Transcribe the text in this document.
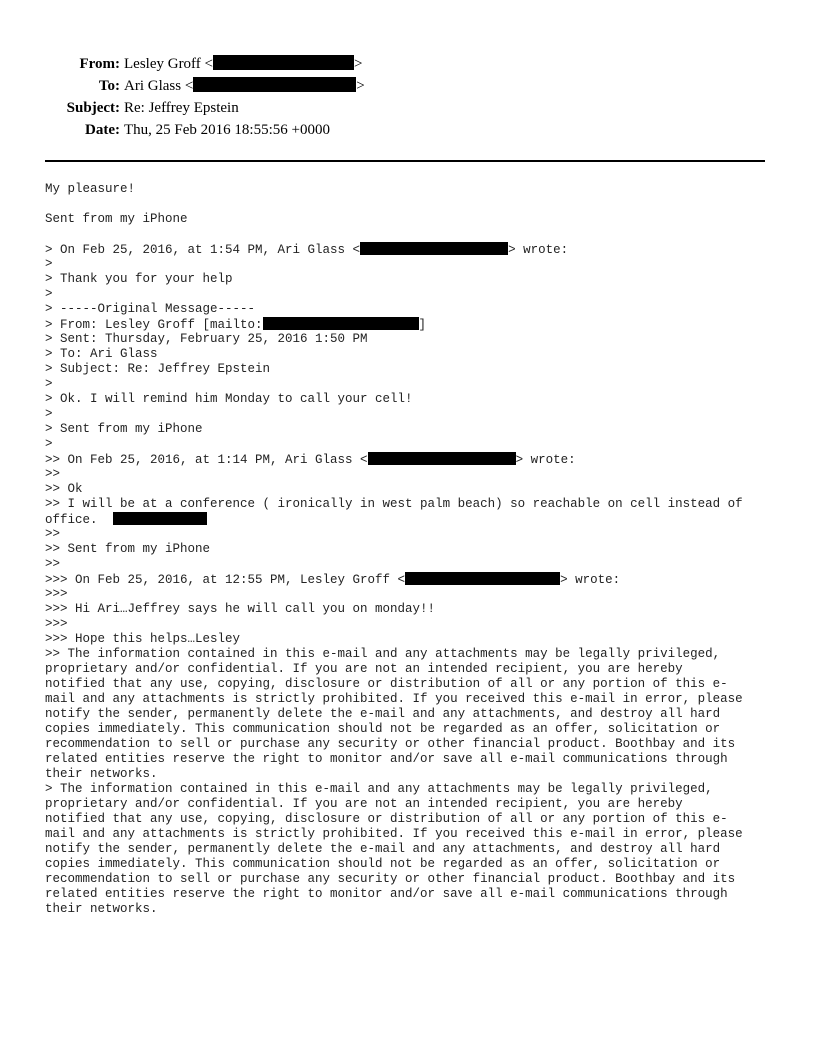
From: Lesley Groff <	>
To: Ari Glass <	>
Subject: Re: Jeffrey Epstein
Date: Thu, 25 Feb 2016 18:55:56 +0000
My pleasure!
Sent from my iPhone
> On Feb 25, 2016, at 1:54 PM, Ari Glass <	> wrote:
>
> Thank you for your help
>
> -----Original Message-----
> From: Lesley Groff [mailto:	]
> Sent: Thursday, February 25, 2016 1:50 PM
> To: Ari Glass
> Subject: Re: Jeffrey Epstein
>
> Ok. I will remind him Monday to call your cell!
>
> Sent from my iPhone
>
>> On Feb 25, 2016, at 1:14 PM, Ari Glass <	> wrote:
>>
>> Ok
>> I will be at a conference ( ironically in west palm beach) so reachable on cell instead of
office.
>>
>> Sent from my iPhone
>>
>>> On Feb 25, 2016, at 12:55 PM, Lesley Groff <	> wrote:
>>>
>>> Hi Ari…Jeffrey says he will call you on monday!!
>>>
>>> Hope this helps…Lesley
>> The information contained in this e-mail and any attachments may be legally privileged,
proprietary and/or confidential. If you are not an intended recipient, you are hereby
notified that any use, copying, disclosure or distribution of all or any portion of this e-
mail and any attachments is strictly prohibited. If you received this e-mail in error, please
notify the sender, permanently delete the e-mail and any attachments, and destroy all hard
copies immediately. This communication should not be regarded as an offer, solicitation or
recommendation to sell or purchase any security or other financial product. Boothbay and its
related entities reserve the right to monitor and/or save all e-mail communications through
their networks.
> The information contained in this e-mail and any attachments may be legally privileged,
proprietary and/or confidential. If you are not an intended recipient, you are hereby
notified that any use, copying, disclosure or distribution of all or any portion of this e-
mail and any attachments is strictly prohibited. If you received this e-mail in error, please
notify the sender, permanently delete the e-mail and any attachments, and destroy all hard
copies immediately. This communication should not be regarded as an offer, solicitation or
recommendation to sell or purchase any security or other financial product. Boothbay and its
related entities reserve the right to monitor and/or save all e-mail communications through
their networks.
